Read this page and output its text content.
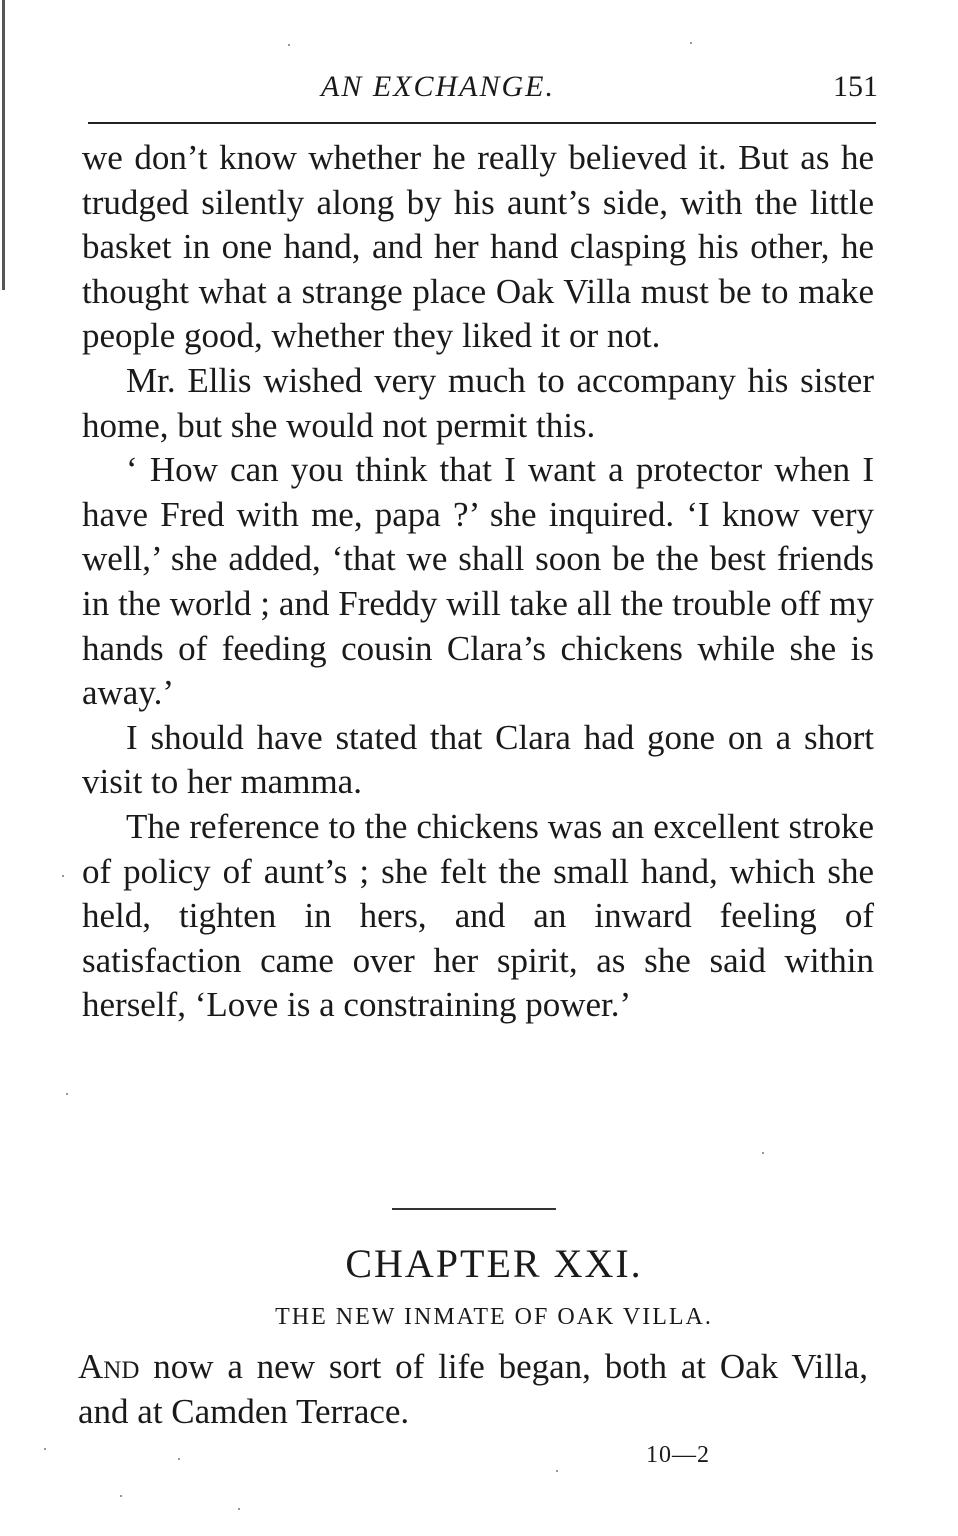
AN EXCHANGE.	151

we don’t know whether he really believed it. But as he trudged silently along by his aunt’s side, with the little basket in one hand, and her hand clasping his other, he thought what a strange place Oak Villa must be to make people good, whether they liked it or not.

Mr. Ellis wished very much to accompany his sister home, but she would not permit this.

‘ How can you think that I want a protector when I have Fred with me, papa ?’ she inquired. ‘I know very well,’ she added, ‘that we shall soon be the best friends in the world ; and Freddy will take all the trouble off my hands of feeding cousin Clara’s chickens while she is away.’

I should have stated that Clara had gone on a short visit to her mamma.

The reference to the chickens was an excellent stroke of policy of aunt’s ; she felt the small hand, which she held, tighten in hers, and an inward feeling of satisfaction came over her spirit, as she said within herself, ‘Love is a constraining power.’

CHAPTER XXI.
THE NEW INMATE OF OAK VILLA.

And now a new sort of life began, both at Oak Villa, and at Camden Terrace.

10—2
